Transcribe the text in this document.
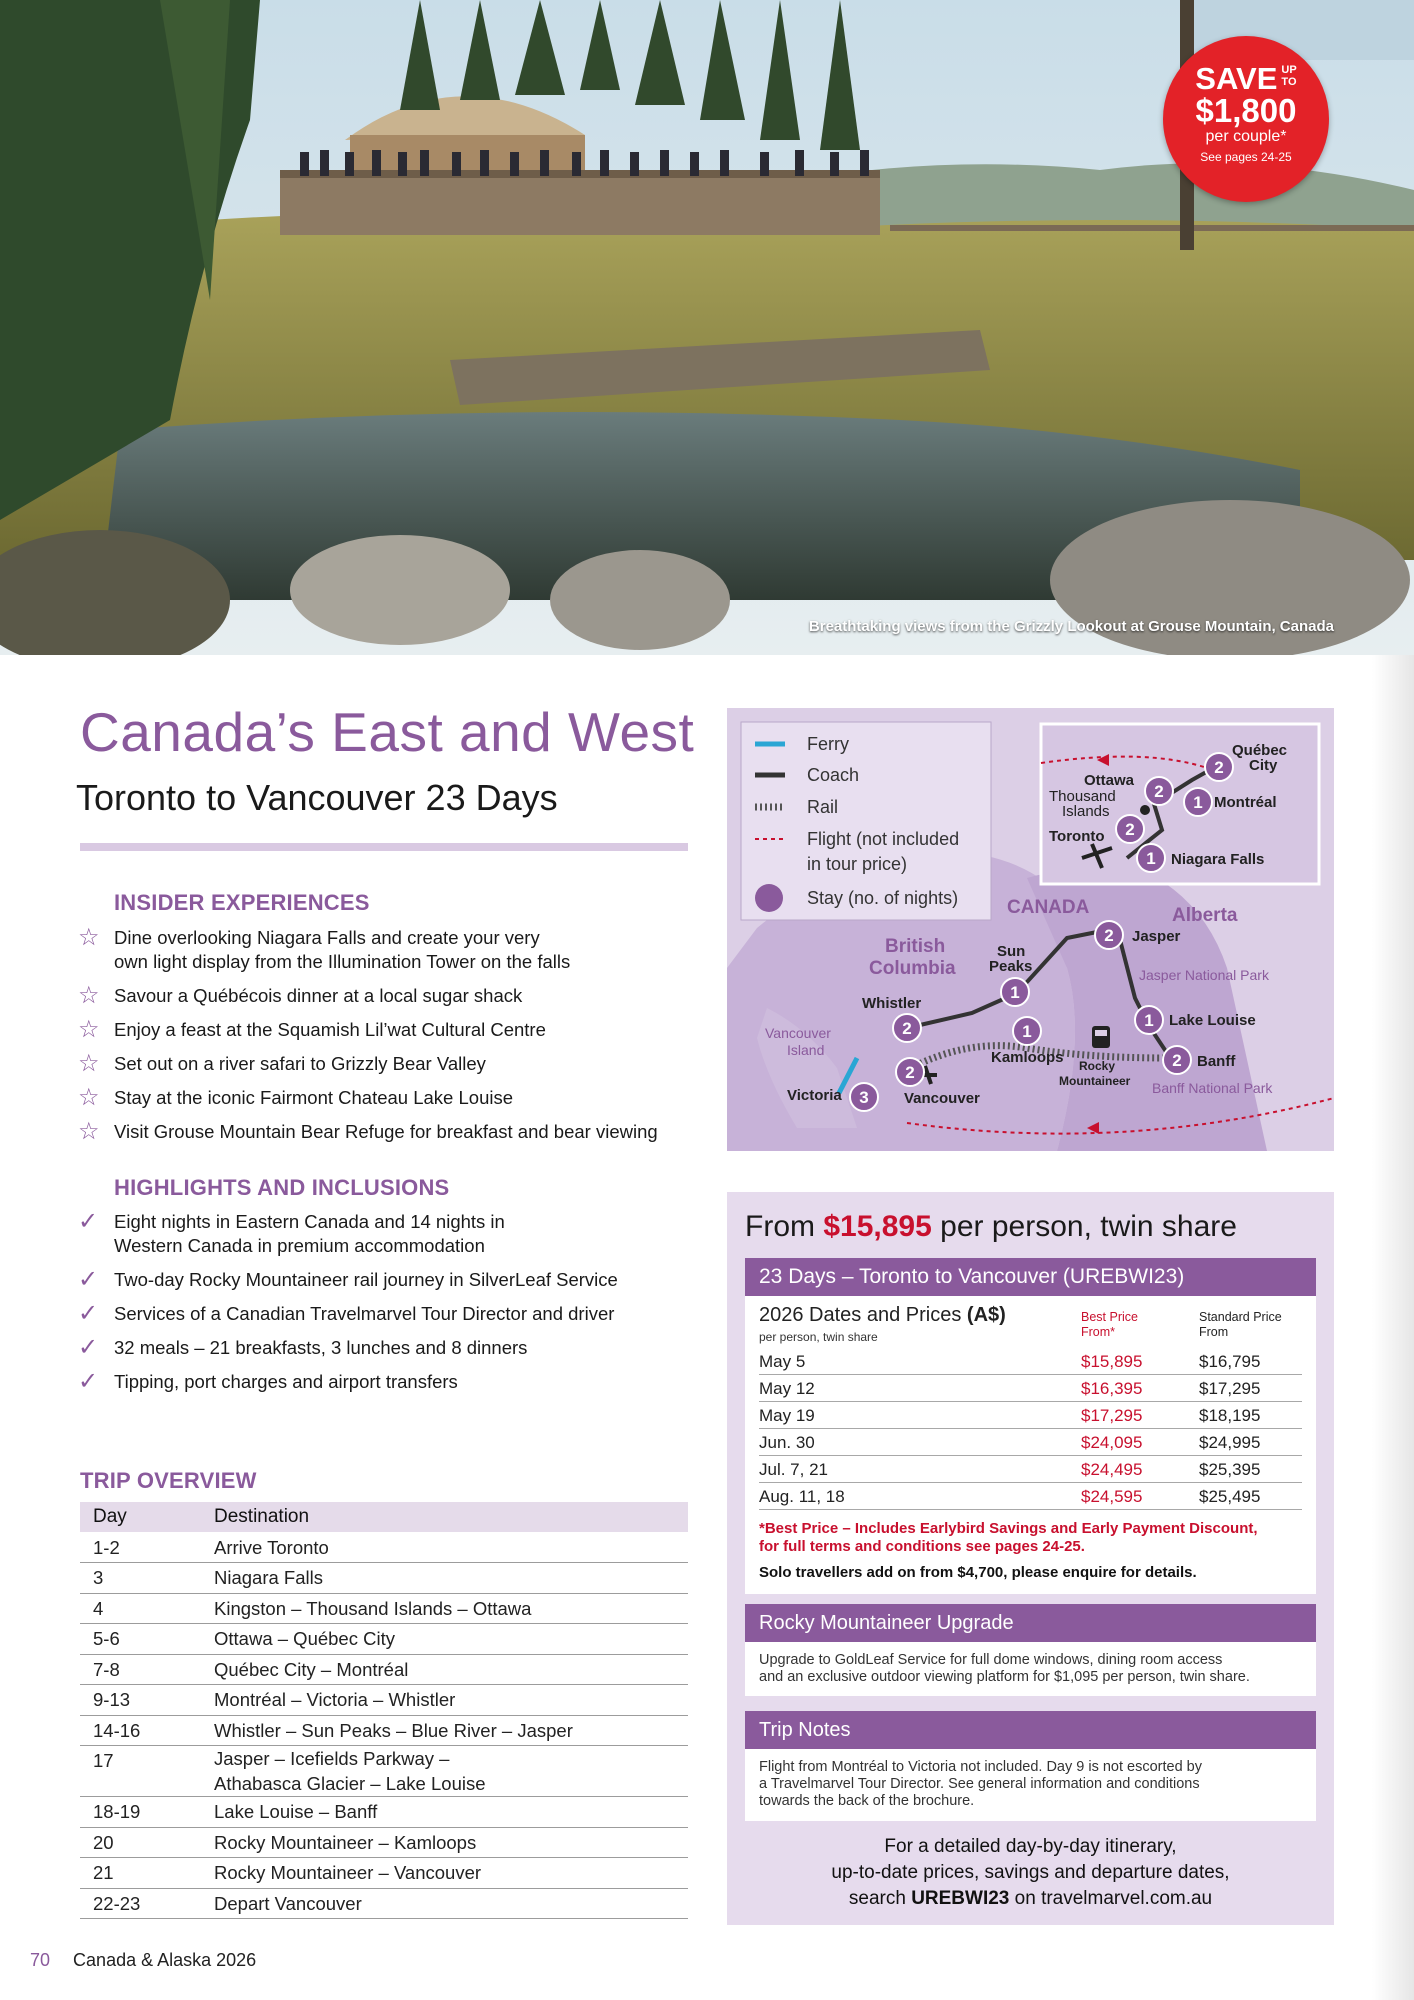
Breathtaking views from the Grizzly Lookout at Grouse Mountain, Canada
SAVE UP
TO
$1,800
per couple*
See pages 24-25
Canada’s East and West
Toronto to Vancouver 23 Days
INSIDER EXPERIENCES
☆ Dine overlooking Niagara Falls and create your very
own light display from the Illumination Tower on the falls
☆ Savour a Québécois dinner at a local sugar shack
☆ Enjoy a feast at the Squamish Lil’wat Cultural Centre
☆ Set out on a river safari to Grizzly Bear Valley
☆ Stay at the iconic Fairmont Chateau Lake Louise
☆ Visit Grouse Mountain Bear Refuge for breakfast and bear viewing
HIGHLIGHTS AND INCLUSIONS
✓ Eight nights in Eastern Canada and 14 nights in
Western Canada in premium accommodation
✓ Two-day Rocky Mountaineer rail journey in SilverLeaf Service
✓ Services of a Canadian Travelmarvel Tour Director and driver
✓ 32 meals – 21 breakfasts, 3 lunches and 8 dinners
✓ Tipping, port charges and airport transfers
TRIP OVERVIEW
Day	Destination
1-2	Arrive Toronto

3	Niagara Falls

4	Kingston – Thousand Islands – Ottawa

5-6	Ottawa – Québec City

7-8	Québec City – Montréal

9-13	Montréal – Victoria – Whistler

14-16	Whistler – Sun Peaks – Blue River – Jasper

17	Jasper – Icefields Parkway –
Athabasca Glacier – Lake Louise

18-19	Lake Louise – Banff

20	Rocky Mountaineer – Kamloops

21	Rocky Mountaineer – Vancouver

22-23	Depart Vancouver
Ferry
Coach
Rail
Flight (not included
in tour price)
Stay (no. of nights)	CANADA	Alberta
British
Columbia
Vancouver
Island
Jasper National Park
Banff National Park
Rocky
Mountaineer
3
Victoria
2
Vancouver
2
Whistler
1
Sun
Peaks
2 Jasper
1 Lake Louise
2 Banff
1
Kamloops
2
Québec
City
1 Montréal
2
Ottawa
Thousand
Islands
2
Toronto
1 Niagara Falls
From $15,895 per person, twin share
23 Days – Toronto to Vancouver (UREBWI23)
2026 Dates and Prices (A$)
per person, twin share
Best Price
From*
Standard Price
From
May 5	$15,895	$16,795
May 12	$16,395	$17,295
May 19	$17,295	$18,195
Jun. 30	$24,095	$24,995
Jul. 7, 21	$24,495	$25,395
Aug. 11, 18	$24,595	$25,495
*Best Price – Includes Earlybird Savings and Early Payment Discount,
for full terms and conditions see pages 24-25.
Solo travellers add on from $4,700, please enquire for details.
Rocky Mountaineer Upgrade
Upgrade to GoldLeaf Service for full dome windows, dining room access
and an exclusive outdoor viewing platform for $1,095 per person, twin share.
Trip Notes
Flight from Montréal to Victoria not included. Day 9 is not escorted by
a Travelmarvel Tour Director. See general information and conditions
towards the back of the brochure.
For a detailed day-by-day itinerary,
up-to-date prices, savings and departure dates,
search UREBWI23 on travelmarvel.com.au
70 Canada & Alaska 2026
